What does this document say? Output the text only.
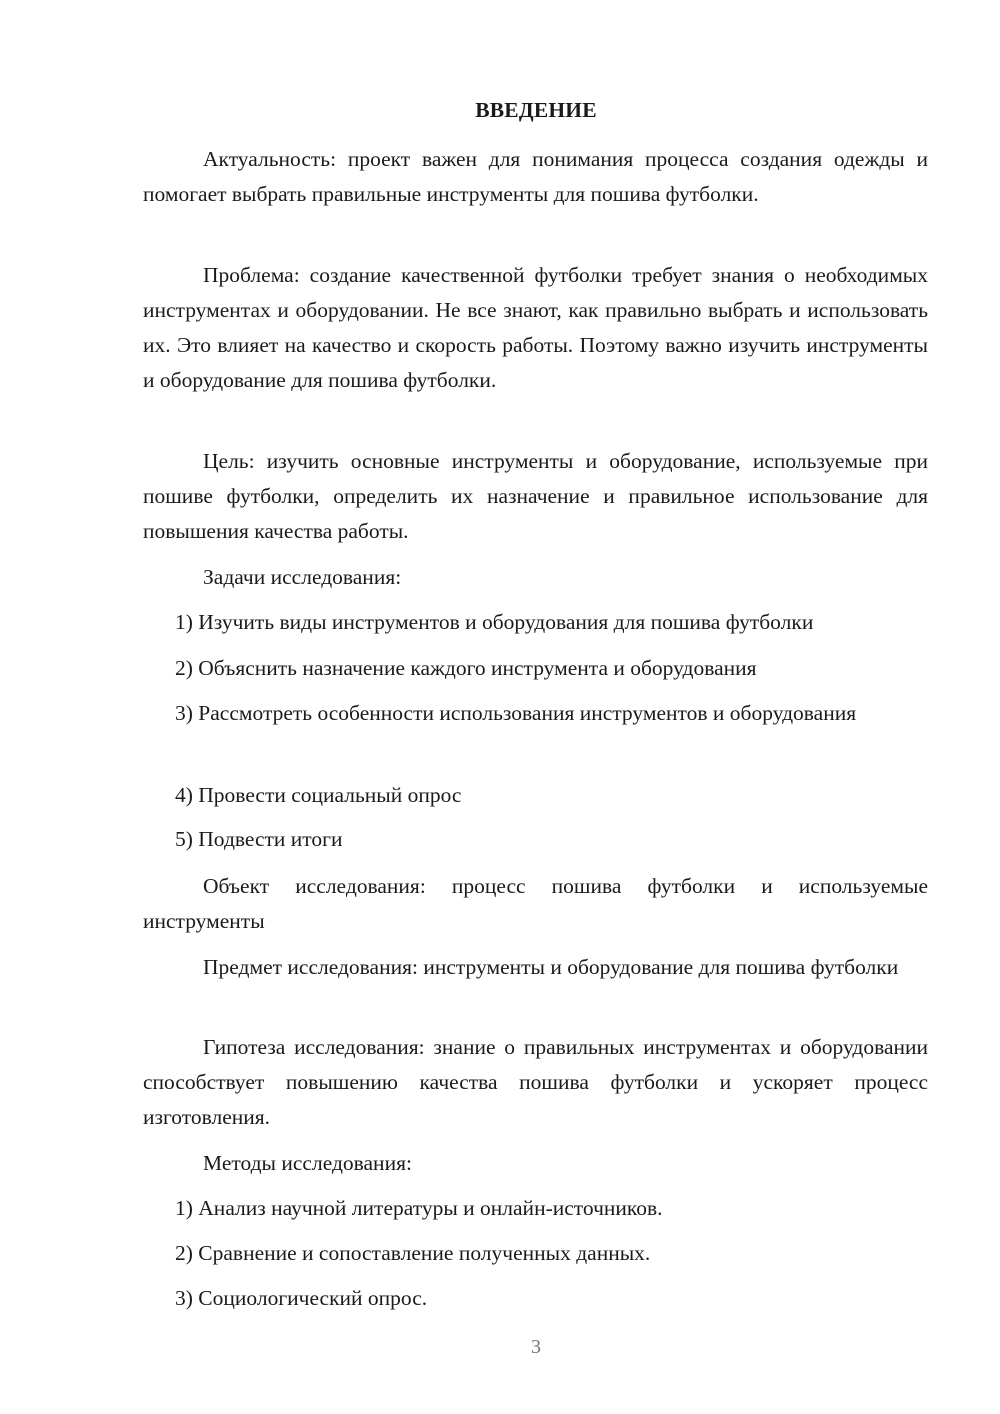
ВВЕДЕНИЕ
Актуальность: проект важен для понимания процесса создания одежды и помогает выбрать правильные инструменты для пошива футболки.
Проблема: создание качественной футболки требует знания о необходимых инструментах и оборудовании. Не все знают, как правильно выбрать и использовать их. Это влияет на качество и скорость работы. Поэтому важно изучить инструменты и оборудование для пошива футболки.
Цель: изучить основные инструменты и оборудование, используемые при пошиве футболки, определить их назначение и правильное использование для повышения качества работы.
Задачи исследования:
1) Изучить виды инструментов и оборудования для пошива футболки
2) Объяснить назначение каждого инструмента и оборудования
3) Рассмотреть особенности использования инструментов и оборудования
4) Провести социальный опрос
5) Подвести итоги
Объект исследования: процесс пошива футболки и используемые инструменты
Предмет исследования: инструменты и оборудование для пошива футболки
Гипотеза исследования: знание о правильных инструментах и оборудовании способствует повышению качества пошива футболки и ускоряет процесс изготовления.
Методы исследования:
1) Анализ научной литературы и онлайн-источников.
2) Сравнение и сопоставление полученных данных.
3) Социологический опрос.
3
